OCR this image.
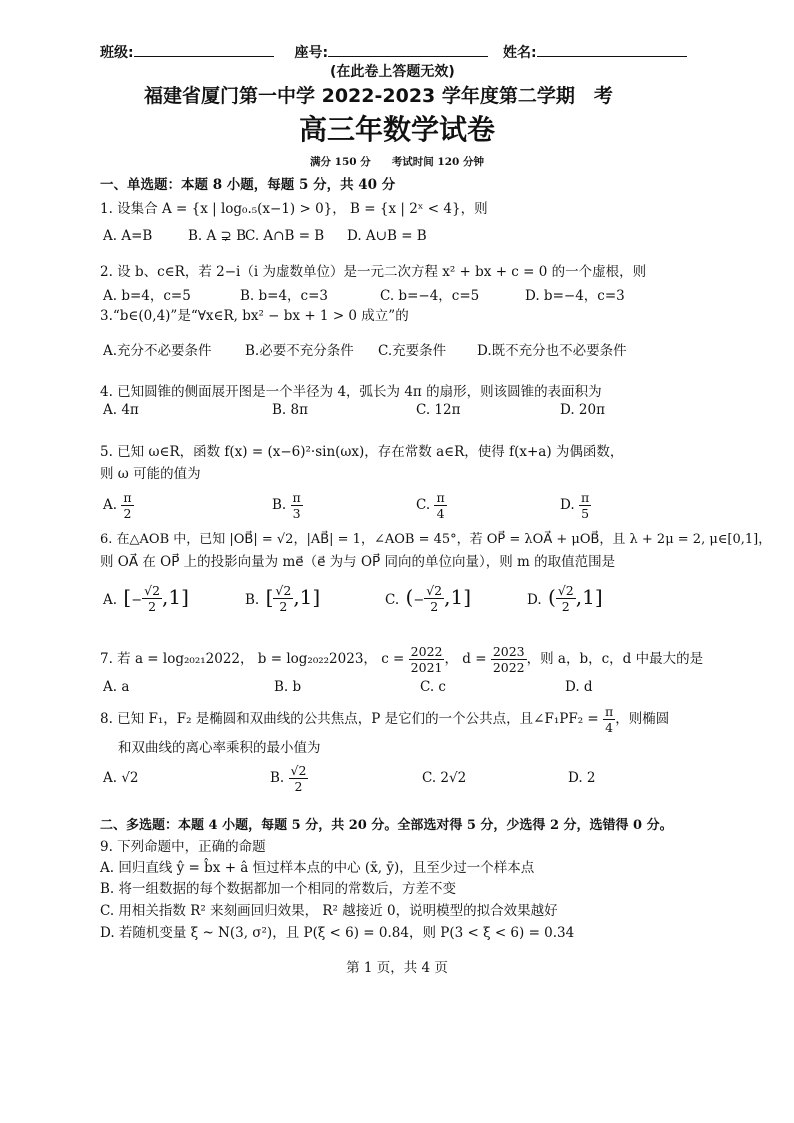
班级:	座号:	姓名:
(在此卷上答题无效)
福建省厦门第一中学 2022-2023 学年度第二学期　考
高三年数学试卷
满分 150 分　　考试时间 120 分钟
一、单选题：本题 8 小题，每题 5 分，共 40 分
1. 设集合 A = {x | log₀.₅(x−1) > 0}， B = {x | 2ˣ < 4}，则
A. A=B	B. A ⊋ B
C. A∩B = B D. A∪B = B
2. 设 b、c∈R，若 2−i（i 为虚数单位）是一元二次方程 x² + bx + c = 0 的一个虚根，则
A. b=4，c=5	B. b=4，c=3	C. b=−4，c=5	D. b=−4，c=3
3.“b∈(0,4)”是“∀x∈R, bx² − bx + 1 > 0 成立”的
A.充分不必要条件 B.必要不充分条件 C.充要条件 D.既不充分也不必要条件
4. 已知圆锥的侧面展开图是一个半径为 4，弧长为 4π 的扇形，则该圆锥的表面积为
A. 4π	B. 8π	C. 12π	D. 20π
5. 已知 ω∈R，函数 f(x) = (x−6)²·sin(ωx)，存在常数 a∈R，使得 f(x+a) 为偶函数，
则 ω 可能的值为
A. $\frac{\pi}{2}$	B. $\frac{\pi}{3}$	C. $\frac{\pi}{4}$	D. $\frac{\pi}{5}$
6. 在△AOB 中，已知 |OB⃗| = √2，|AB⃗| = 1，∠AOB = 45°，若 OP⃗ = λOA⃗ + μOB⃗，且 λ + 2μ = 2, μ∈[0,1]，
则 OA⃗ 在 OP⃗ 上的投影向量为 me⃗（e⃗ 为与 OP⃗ 同向的单位向量），则 m 的取值范围是
A. [− $\frac{√2}{2} ,1$]	B. [ $\frac{√2}{2} ,1$]	C. (− $\frac{√2}{2} ,1$]	D. ( $\frac{√2}{2} ,1$]
7. 若 a = log₂₀₂₁2022， b = log₂₀₂₂2023， $c = \frac{2022}{2021}$ ， $d = \frac{2023}{2022}$ ，则 a，b，c，d 中最大的是
A. a	B. b	C. c	D. d
8. 已知 F₁，F₂ 是椭圆和双曲线的公共焦点，P 是它们的一个公共点，且∠F₁PF₂ = $\frac{\pi}{4}$ ，则椭圆
和双曲线的离心率乘积的最小值为
A. √2	B. $\frac{√2}{2}$	C. 2√2	D. 2
二、多选题：本题 4 小题，每题 5 分，共 20 分。全部选对得 5 分，少选得 2 分，选错得 0 分。
9. 下列命题中，正确的命题
A. 回归直线 ŷ = b̂x + â 恒过样本点的中心 (x̄, ȳ)，且至少过一个样本点
B. 将一组数据的每个数据都加一个相同的常数后，方差不变
C. 用相关指数 R² 来刻画回归效果， R² 越接近 0，说明模型的拟合效果越好
D. 若随机变量 ξ ~ N(3, σ²)，且 P(ξ < 6) = 0.84，则 P(3 < ξ < 6) = 0.34
第 1 页，共 4 页
